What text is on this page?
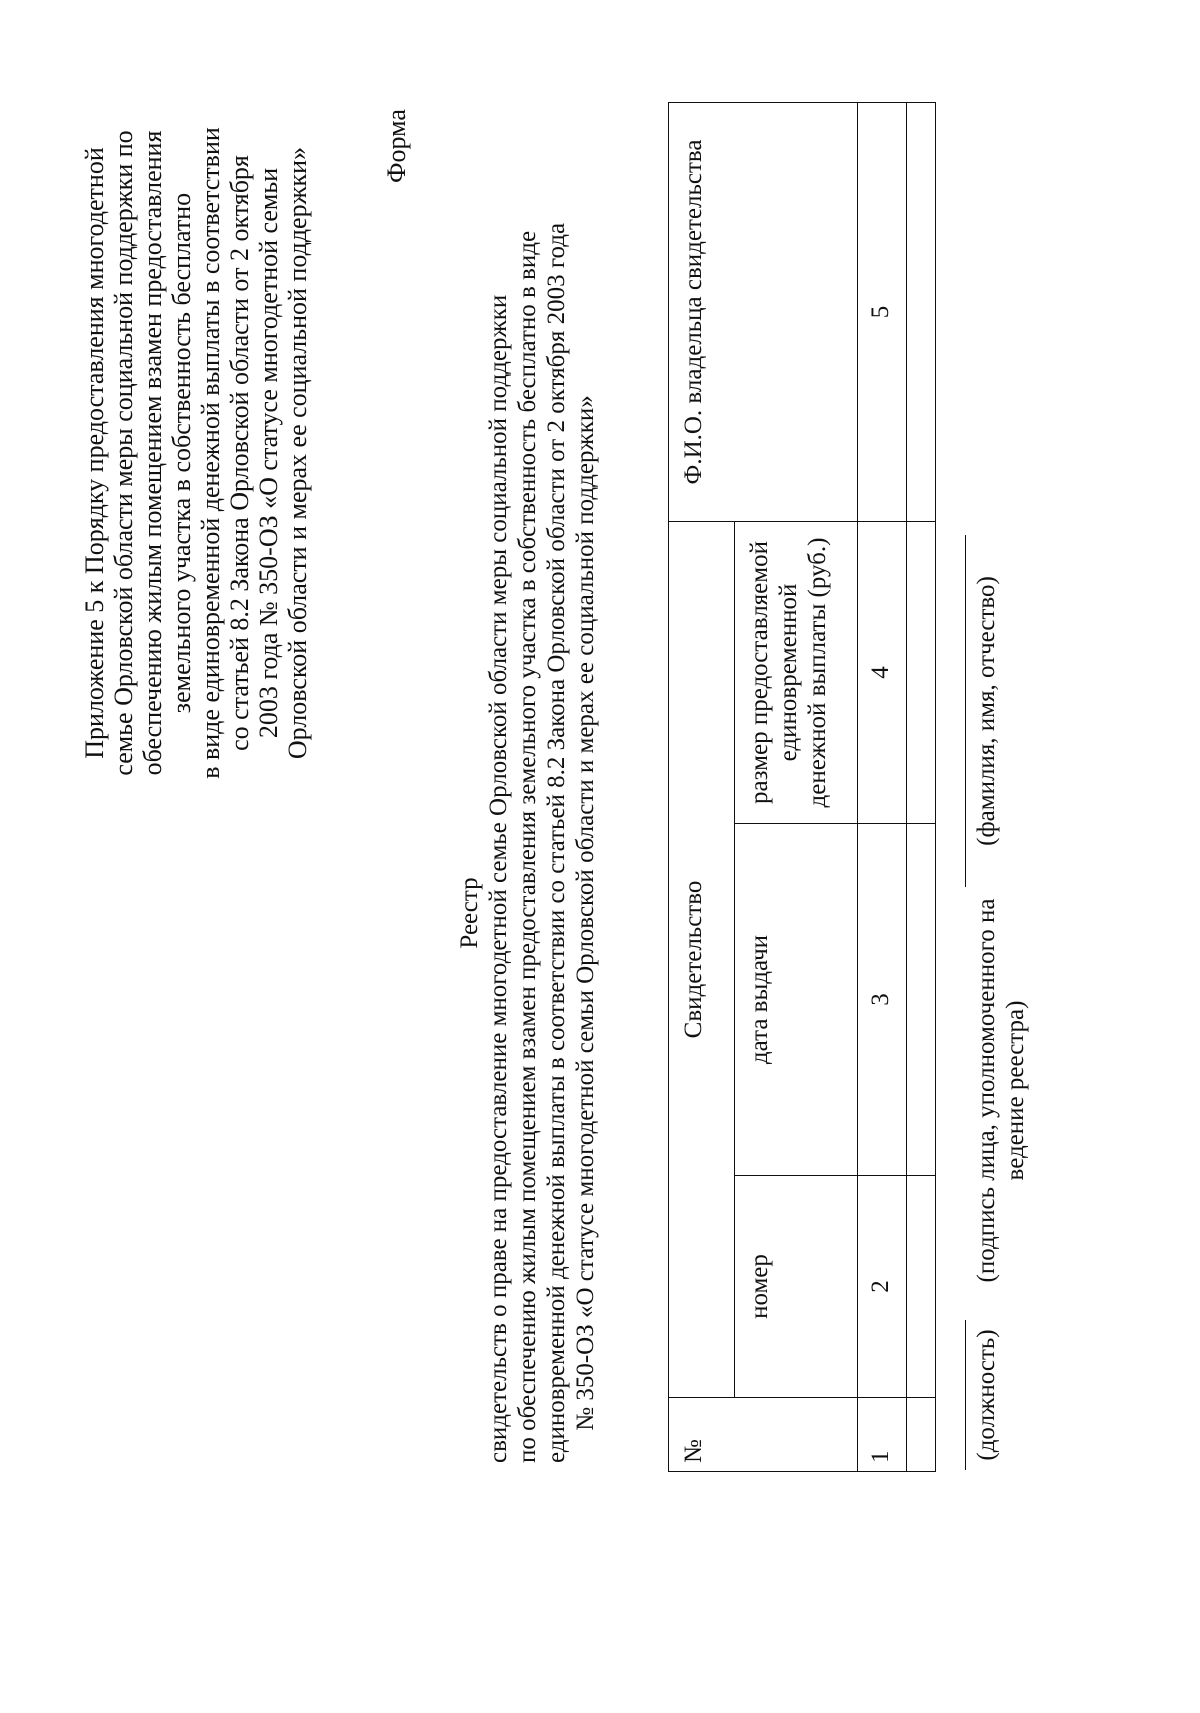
Приложение 5 к Порядку предоставления многодетной семье Орловской области меры социальной поддержки по обеспечению жилым помещением взамен предоставления земельного участка в собственность бесплатно в виде единовременной денежной выплаты в соответствии со статьей 8.2 Закона Орловской области от 2 октября 2003 года № 350-ОЗ «О статусе многодетной семьи Орловской области и мерах ее социальной поддержки»
Форма
Реестр свидетельств о праве на предоставление многодетной семье Орловской области меры социальной поддержки по обеспечению жилым помещением взамен предоставления земельного участка в собственность бесплатно в виде единовременной денежной выплаты в соответствии со статьей 8.2 Закона Орловской области от 2 октября 2003 года № 350-ОЗ «О статусе многодетной семьи Орловской области и мерах ее социальной поддержки»
№	Свидетельство			Ф.И.О. владельца свидетельства
	номер	дата выдачи	размер предоставляемой единовременной денежной выплаты (руб.)	
1	2	3	4	5

(должность)
(подпись лица, уполномоченного на ведение реестра)
(фамилия, имя, отчество)
